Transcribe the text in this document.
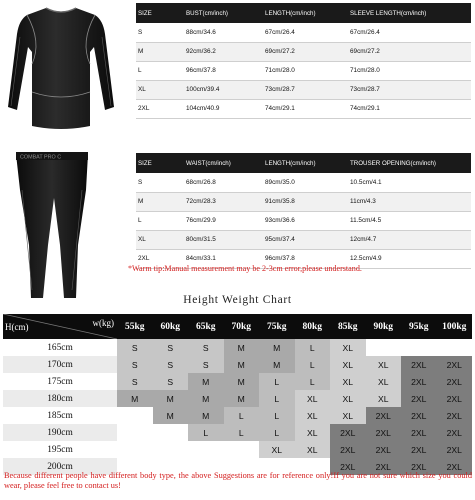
COMBAT PRO C
SIZE	BUST(cm/inch)	LENGTH(cm/inch)	SLEEVE LENGTH(cm/inch)
S	88cm/34.6	67cm/26.4	67cm/26.4
M	92cm/36.2	69cm/27.2	69cm/27.2
L	96cm/37.8	71cm/28.0	71cm/28.0
XL	100cm/39.4	73cm/28.7	73cm/28.7
2XL	104cm/40.9	74cm/29.1	74cm/29.1
SIZE	WAIST(cm/inch)	LENGTH(cm/inch)	TROUSER OPENING(cm/inch)
S	68cm/26.8	89cm/35.0	10.5cm/4.1
M	72cm/28.3	91cm/35.8	11cm/4.3
L	76cm/29.9	93cm/36.6	11.5cm/4.5
XL	80cm/31.5	95cm/37.4	12cm/4.7
2XL	84cm/33.1	96cm/37.8	12.5cm/4.9
*Warm tip:Manual measurement may be 2-3cm error,please understand.
Height Weight Chart
H(cm) w(kg)	55kg	60kg	65kg	70kg	75kg	80kg	85kg	90kg	95kg	100kg
165cm	S	S	S	M	M	L	XL			
170cm	S	S	S	M	M	L	XL	XL	2XL	2XL
175cm	S	S	M	M	L	L	XL	XL	2XL	2XL
180cm	M	M	M	M	L	XL	XL	XL	2XL	2XL
185cm		M	M	L	L	XL	XL	2XL	2XL	2XL
190cm			L	L	L	XL	2XL	2XL	2XL	2XL
195cm					XL	XL	2XL	2XL	2XL	2XL
200cm							2XL	2XL	2XL	2XL
Because different people have different body type, the above Suggestions are for reference only!If you are not sure which size you could wear, please feel free to contact us!
